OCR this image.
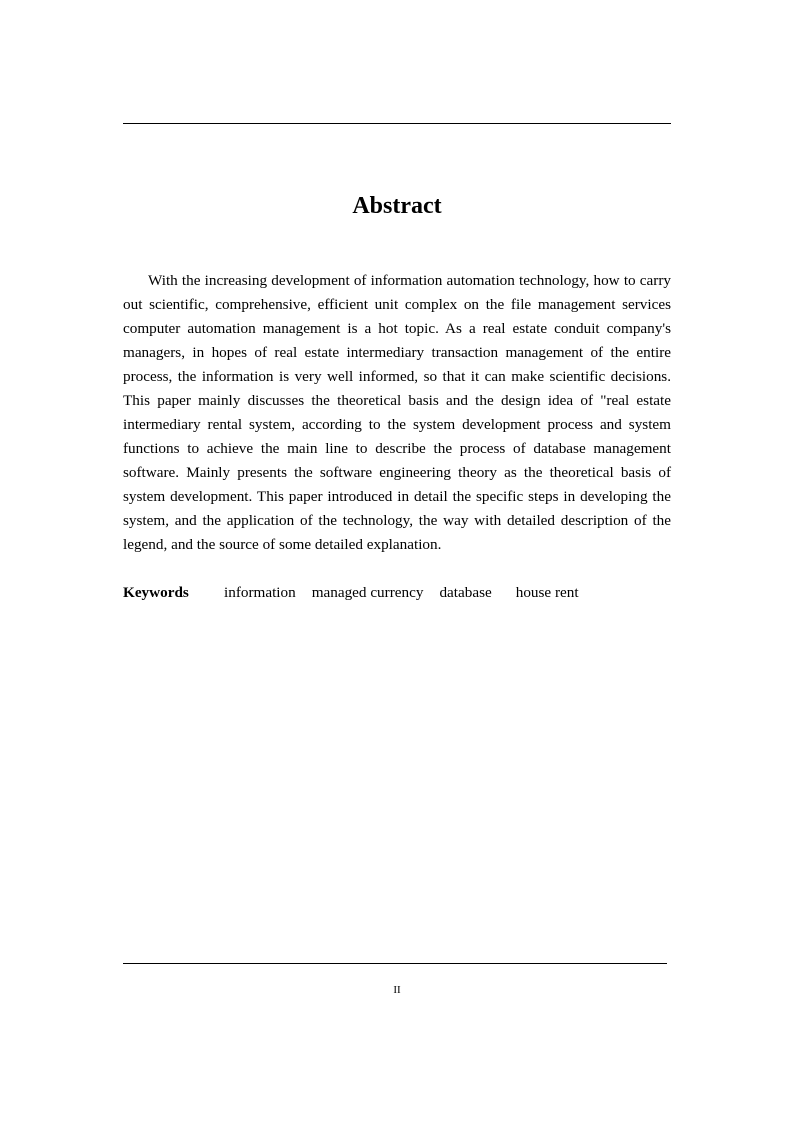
Abstract

With the increasing development of information automation technology, how to carry out scientific, comprehensive, efficient unit complex on the file management services computer automation management is a hot topic. As a real estate conduit company's managers, in hopes of real estate intermediary transaction management of the entire process, the information is very well informed, so that it can make scientific decisions. This paper mainly discusses the theoretical basis and the design idea of "real estate intermediary rental system, according to the system development process and system functions to achieve the main line to describe the process of database management software. Mainly presents the software engineering theory as the theoretical basis of system development. This paper introduced in detail the specific steps in developing the system, and the application of the technology, the way with detailed description of the legend, and the source of some detailed explanation.

Keywords information managed currency database house rent

II
